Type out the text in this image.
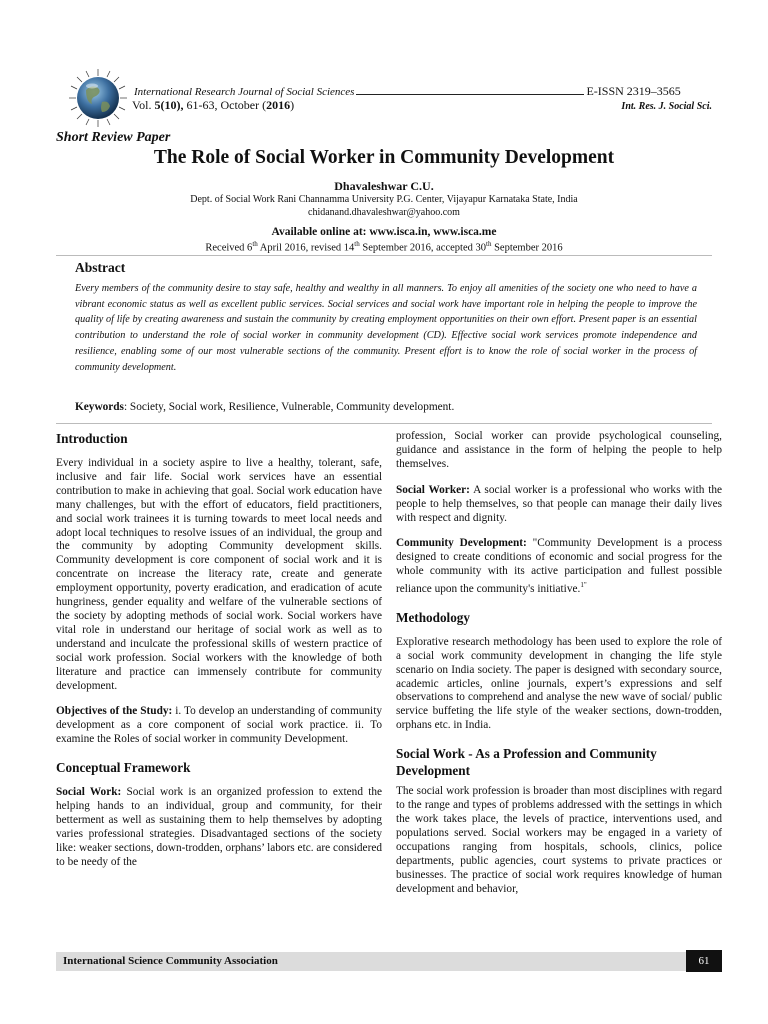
International Research Journal of Social Sciences	E-ISSN 2319–3565
Vol. 5(10), 61-63, October (2016)	Int. Res. J. Social Sci.
Short Review Paper
The Role of Social Worker in Community Development
Dhavaleshwar C.U.
Dept. of Social Work Rani Channamma University P.G. Center, Vijayapur Karnataka State, India
chidanand.dhavaleshwar@yahoo.com
Available online at: www.isca.in, www.isca.me
Received 6th April 2016, revised 14th September 2016, accepted 30th September 2016
Abstract
Every members of the community desire to stay safe, healthy and wealthy in all manners. To enjoy all amenities of the society one who need to have a vibrant economic status as well as excellent public services. Social services and social work have important role in helping the people to improve the quality of life by creating awareness and sustain the community by creating employment opportunities on their own effort. Present paper is an essential contribution to understand the role of social worker in community development (CD). Effective social work services promote independence and resilience, enabling some of our most vulnerable sections of the community. Present effort is to know the role of social worker in the process of community development.
Keywords: Society, Social work, Resilience, Vulnerable, Community development.
Introduction

Every individual in a society aspire to live a healthy, tolerant, safe, inclusive and fair life. Social work services have an essential contribution to make in achieving that goal. Social work education have many challenges, but with the effort of educators, field practitioners, and social work trainees it is turning towards to meet local needs and adopt local techniques to resolve issues of an individual, the group and the community by adopting Community development skills. Community development is core component of social work and it is concentrate on increase the literacy rate, create and generate employment opportunity, poverty eradication, and eradication of acute hungriness, gender equality and welfare of the vulnerable sections of the society by adopting methods of social work. Social workers have vital role in understand our heritage of social work as well as to understand and inculcate the professional skills of western practice of social work profession. Social workers with the knowledge of both literature and practice can immensely contribute for community development.

Objectives of the Study: i. To develop an understanding of community development as a core component of social work practice. ii. To examine the Roles of social worker in community Development.

Conceptual Framework

Social Work: Social work is an organized profession to extend the helping hands to an individual, group and community, for their betterment as well as sustaining them to help themselves by adopting varies professional strategies. Disadvantaged sections of the society like: weaker sections, down-trodden, orphans’ labors etc. are considered to be needy of the

profession, Social worker can provide psychological counseling, guidance and assistance in the form of helping the people to help themselves.

Social Worker: A social worker is a professional who works with the people to help themselves, so that people can manage their daily lives with respect and dignity.

Community Development: "Community Development is a process designed to create conditions of economic and social progress for the whole community with its active participation and fullest possible reliance upon the community's initiative.$^{1"}$

Methodology

Explorative research methodology has been used to explore the role of a social work community development in changing the life style scenario on India society. The paper is designed with secondary source, academic articles, online journals, expert’s expressions and self observations to comprehend and analyse the new wave of social/ public service buffeting the life style of the weaker sections, down-trodden, orphans etc. in India.

Social Work - As a Profession and Community Development

The social work profession is broader than most disciplines with regard to the range and types of problems addressed with the settings in which the work takes place, the levels of practice, interventions used, and populations served. Social workers may be engaged in a variety of occupations ranging from hospitals, schools, clinics, police departments, public agencies, court systems to private practices or businesses. The practice of social work requires knowledge of human development and behavior,

International Science Community Association	61
